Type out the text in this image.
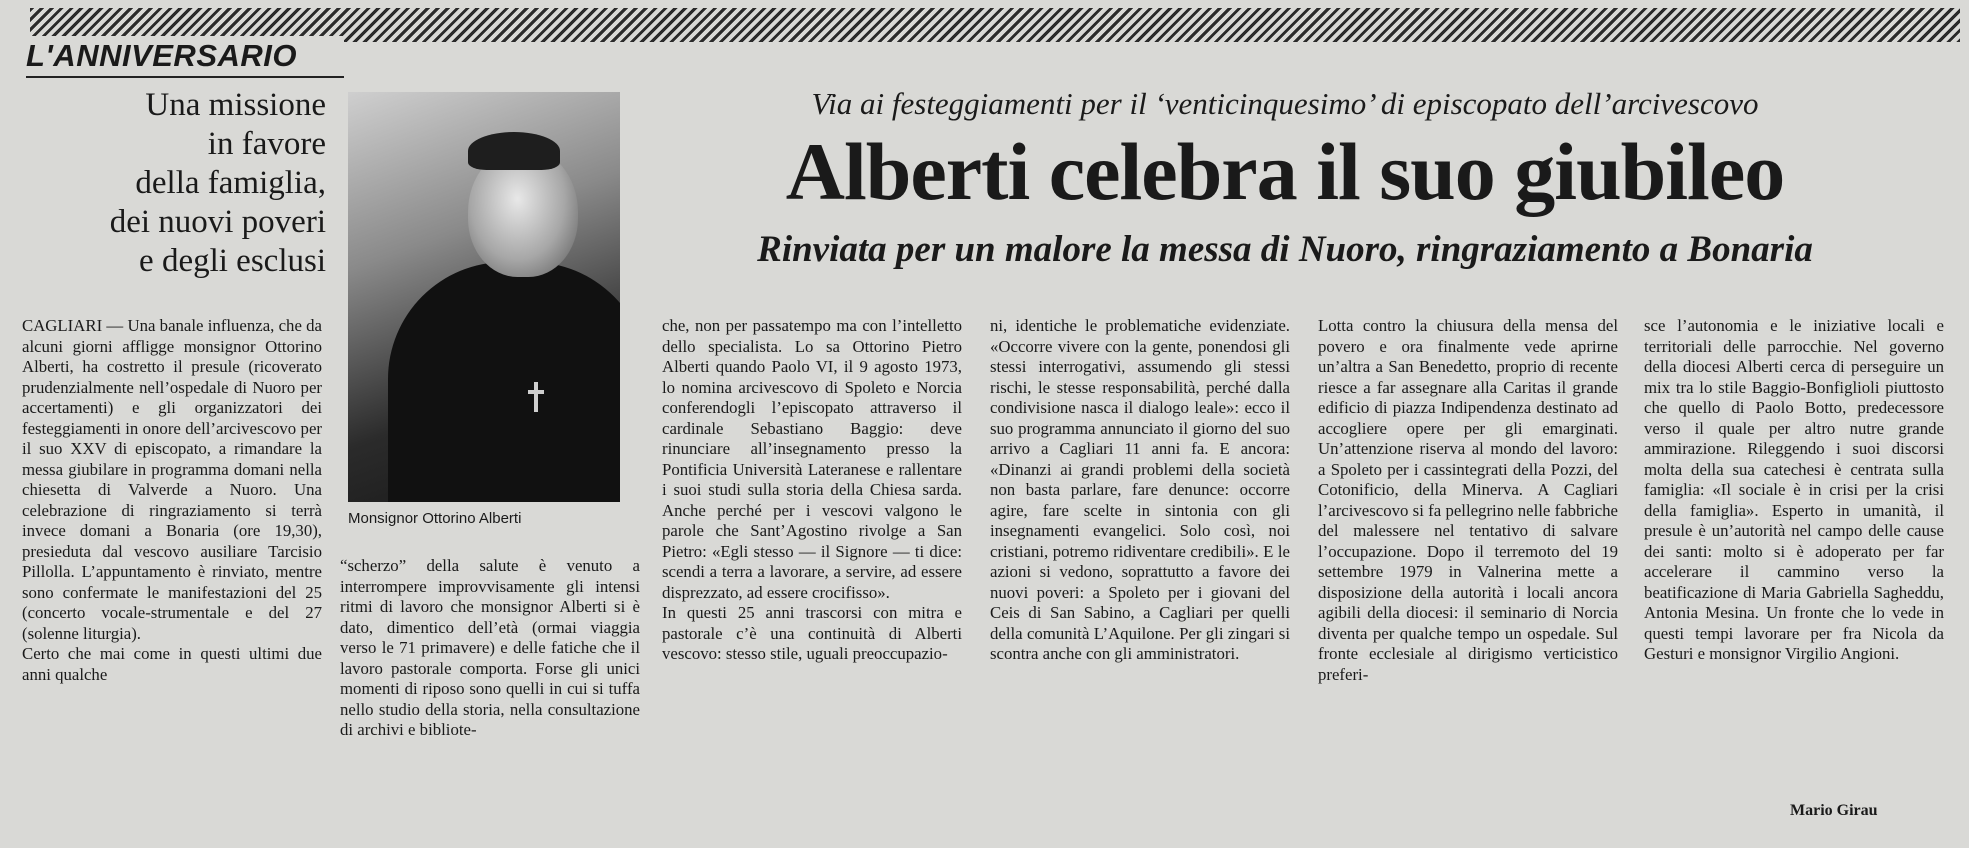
L'ANNIVERSARIO
Una missione
in favore
della famiglia,
dei nuovi poveri
e degli esclusi
Monsignor Ottorino Alberti
Via ai festeggiamenti per il ‘venticinquesimo’ di episcopato dell’arcivescovo
Alberti celebra il suo giubileo
Rinviata per un malore la messa di Nuoro, ringraziamento a Bonaria
CAGLIARI — Una banale influenza, che da alcuni giorni affligge monsignor Ottorino Alberti, ha costretto il presule (ricoverato prudenzialmente nell’ospedale di Nuoro per accertamenti) e gli organizzatori dei festeggiamenti in onore dell’arcivescovo per il suo XXV di episcopato, a rimandare la messa giubilare in programma domani nella chiesetta di Valverde a Nuoro. Una celebrazione di ringraziamento si terrà invece domani a Bonaria (ore 19,30), presieduta dal vescovo ausiliare Tarcisio Pillolla. L’appuntamento è rinviato, mentre sono confermate le manifestazioni del 25 (concerto vocale-strumentale e del 27 (solenne liturgia).
Certo che mai come in questi ultimi due anni qualche
“scherzo” della salute è venuto a interrompere improvvisamente gli intensi ritmi di lavoro che monsignor Alberti si è dato, dimentico dell’età (ormai viaggia verso le 71 primavere) e delle fatiche che il lavoro pastorale comporta. Forse gli unici momenti di riposo sono quelli in cui si tuffa nello studio della storia, nella consultazione di archivi e bibliote-
che, non per passatempo ma con l’intelletto dello specialista. Lo sa Ottorino Pietro Alberti quando Paolo VI, il 9 agosto 1973, lo nomina arcivescovo di Spoleto e Norcia conferendogli l’episcopato attraverso il cardinale Sebastiano Baggio: deve rinunciare all’insegnamento presso la Pontificia Università Lateranese e rallentare i suoi studi sulla storia della Chiesa sarda. Anche perché per i vescovi valgono le parole che Sant’Agostino rivolge a San Pietro: «Egli stesso — il Signore — ti dice: scendi a terra a lavorare, a servire, ad essere disprezzato, ad essere crocifisso».
In questi 25 anni trascorsi con mitra e pastorale c’è una continuità di Alberti vescovo: stesso stile, uguali preoccupazio-
ni, identiche le problematiche evidenziate. «Occorre vivere con la gente, ponendosi gli stessi interrogativi, assumendo gli stessi rischi, le stesse responsabilità, perché dalla condivisione nasca il dialogo leale»: ecco il suo programma annunciato il giorno del suo arrivo a Cagliari 11 anni fa. E ancora: «Dinanzi ai grandi problemi della società non basta parlare, fare denunce: occorre agire, fare scelte in sintonia con gli insegnamenti evangelici. Solo così, noi cristiani, potremo ridiventare credibili». E le azioni si vedono, soprattutto a favore dei nuovi poveri: a Spoleto per i giovani del Ceis di San Sabino, a Cagliari per quelli della comunità L’Aquilone. Per gli zingari si scontra anche con gli amministratori.
Lotta contro la chiusura della mensa del povero e ora finalmente vede aprirne un’altra a San Benedetto, proprio di recente riesce a far assegnare alla Caritas il grande edificio di piazza Indipendenza destinato ad accogliere opere per gli emarginati. Un’attenzione riserva al mondo del lavoro: a Spoleto per i cassintegrati della Pozzi, del Cotonificio, della Minerva. A Cagliari l’arcivescovo si fa pellegrino nelle fabbriche del malessere nel tentativo di salvare l’occupazione. Dopo il terremoto del 19 settembre 1979 in Valnerina mette a disposizione della autorità i locali ancora agibili della diocesi: il seminario di Norcia diventa per qualche tempo un ospedale. Sul fronte ecclesiale al dirigismo verticistico preferi-
sce l’autonomia e le iniziative locali e territoriali delle parrocchie. Nel governo della diocesi Alberti cerca di perseguire un mix tra lo stile Baggio-Bonfiglioli piuttosto che quello di Paolo Botto, predecessore verso il quale per altro nutre grande ammirazione. Rileggendo i suoi discorsi molta della sua catechesi è centrata sulla famiglia: «Il sociale è in crisi per la crisi della famiglia». Esperto in umanità, il presule è un’autorità nel campo delle cause dei santi: molto si è adoperato per far accelerare il cammino verso la beatificazione di Maria Gabriella Sagheddu, Antonia Mesina. Un fronte che lo vede in questi tempi lavorare per fra Nicola da Gesturi e monsignor Virgilio Angioni.
Mario Girau
